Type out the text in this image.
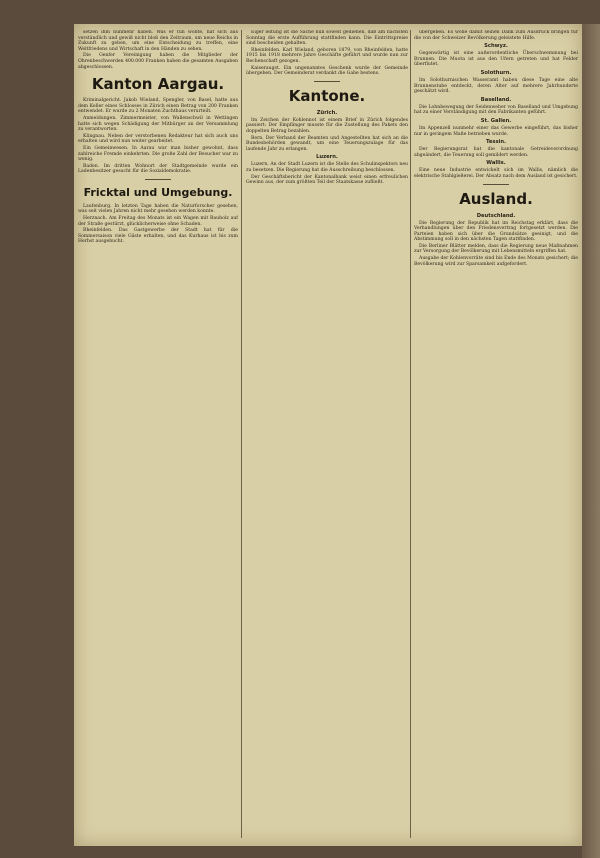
setzen ihm nunmehr haben. Was er tun wollte, hat sich aus verständlich und gewiß nicht bloß den Zeitraum, um neue Reichs in Zukunft zu geben, um eine Entscheidung zu treffen, eine Weltfriedens und Wirtschaft in den Händen zu sehen.

Die Genfer Vereinigung haben die Mitglieder der Ohrenbeschwerden 400.000 Franken haben die gesamten Ausgaben abgeschlossen.

Kanton Aargau.

Kriminalgericht. Jakob Wieland, Spengler, von Basel, hatte aus dem Keller eines Schlosses in Zürich einen Betrag von 200 Franken entwendet. Er wurde zu 2 Monaten Zuchthaus verurteilt.

Anmeldungen. Zimmermeister, von Wallenschwil in Wettingen hatte sich wegen Schädigung der Mitbürger an der Versammlung zu verantworten.

Klingnau. Neben der verstorbenen Redakteur hat sich auch uns erhalten und wird nun weiter gearbeitet.

Ein Gemeinwesen. In Aarau war man bisher gewohnt, dass zahlreiche Fremde einkehrten. Die große Zahl der Besucher war zu wenig.

Baden. Im dritten Wohnort der Stadtgemeinde wurde ein Ladenbesitzer gesucht für die Sozialdemokratie.

Fricktal und Umgebung.

Laufenburg. In letzten Tage haben die Naturforscher gesehen, was seit vielen Jahren nicht mehr gesehen werden konnte.

Herznach. Am Freitag des Monats ist ein Wagen mit Bauholz auf der Straße gestürzt, glücklicherweise ohne Schaden.

Rheinfelden. Das Gastgewerbe der Stadt hat für die Sommersaison viele Gäste erhalten, und das Kurhaus ist bis zum Herbst ausgebucht.

Eiger leitung ist die Sache nun soweit gediehen, daß am nächsten Sonntag die erste Aufführung stattfinden kann. Die Eintrittspreise sind bescheiden gehalten.

Rheinfelden. Karl Wieland, geboren 1879, von Rheinfelden, hatte 1915 bis 1918 mehrere Jahre Geschäfte geführt und wurde nun zur Rechenschaft gezogen.

Kaiseraugst. Ein ungenanntes Geschenk wurde der Gemeinde übergeben. Der Gemeinderat verdankt die Gabe bestens.

Kantone.
Zürich.

Im Zeichen der Kohlennot ist einem Brief in Zürich folgendes passiert: Der Empfänger musste für die Zustellung des Pakets den doppelten Betrag bezahlen.

Bern. Der Verband der Beamten und Angestellten hat sich an die Bundesbehörden gewandt, um eine Teuerungszulage für das laufende Jahr zu erlangen.

Luzern.

Luzern. An der Stadt Luzern ist die Stelle des Schulinspektors neu zu besetzen. Die Regierung hat die Ausschreibung beschlossen.

Der Geschäftsbericht der Kantonalbank weist einen erfreulichen Gewinn aus, der zum größten Teil der Staatskasse zufließt.

übergeben. Es wolle damit seinen Dank zum Ausdruck bringen für die von der Schweizer Bevölkerung geleistete Hilfe.

Schwyz.

Gegenwärtig ist eine außerordentliche Überschwemmung bei Brunnen. Die Muota ist aus den Ufern getreten und hat Felder überflutet.

Solothurn.

Im Solothurnischen Wasseramt haben diese Tage eine alte Brunnenstube entdeckt, deren Alter auf mehrere Jahrhunderte geschätzt wird.

Baselland.

Die Lohnbewegung der Seidenweber von Baselland und Umgebung hat zu einer Verständigung mit den Fabrikanten geführt.

St. Gallen.

Im Appenzell nunmehr einer das Gewerbe eingeführt, das bisher nur in geringem Maße betrieben wurde.

Tessin.

Der Regierungsrat hat die kantonale Getreideverordnung abgeändert, die Teuerung soll gemildert werden.

Wallis.

Eine neue Industrie entwickelt sich im Wallis, nämlich die elektrische Stahlgießerei. Der Absatz nach dem Ausland ist gesichert.

Ausland.
Deutschland.

Die Regierung der Republik hat im Reichstag erklärt, dass die Verhandlungen über den Friedensvertrag fortgesetzt werden. Die Parteien haben sich über die Grundsätze geeinigt, und die Abstimmung soll in den nächsten Tagen stattfinden.

Die Berliner Blätter melden, dass die Regierung neue Maßnahmen zur Versorgung der Bevölkerung mit Lebensmitteln ergriffen hat.

Ausgabe der Kohlenvorräte sind bis Ende des Monats gesichert; die Bevölkerung wird zur Sparsamkeit aufgefordert.
